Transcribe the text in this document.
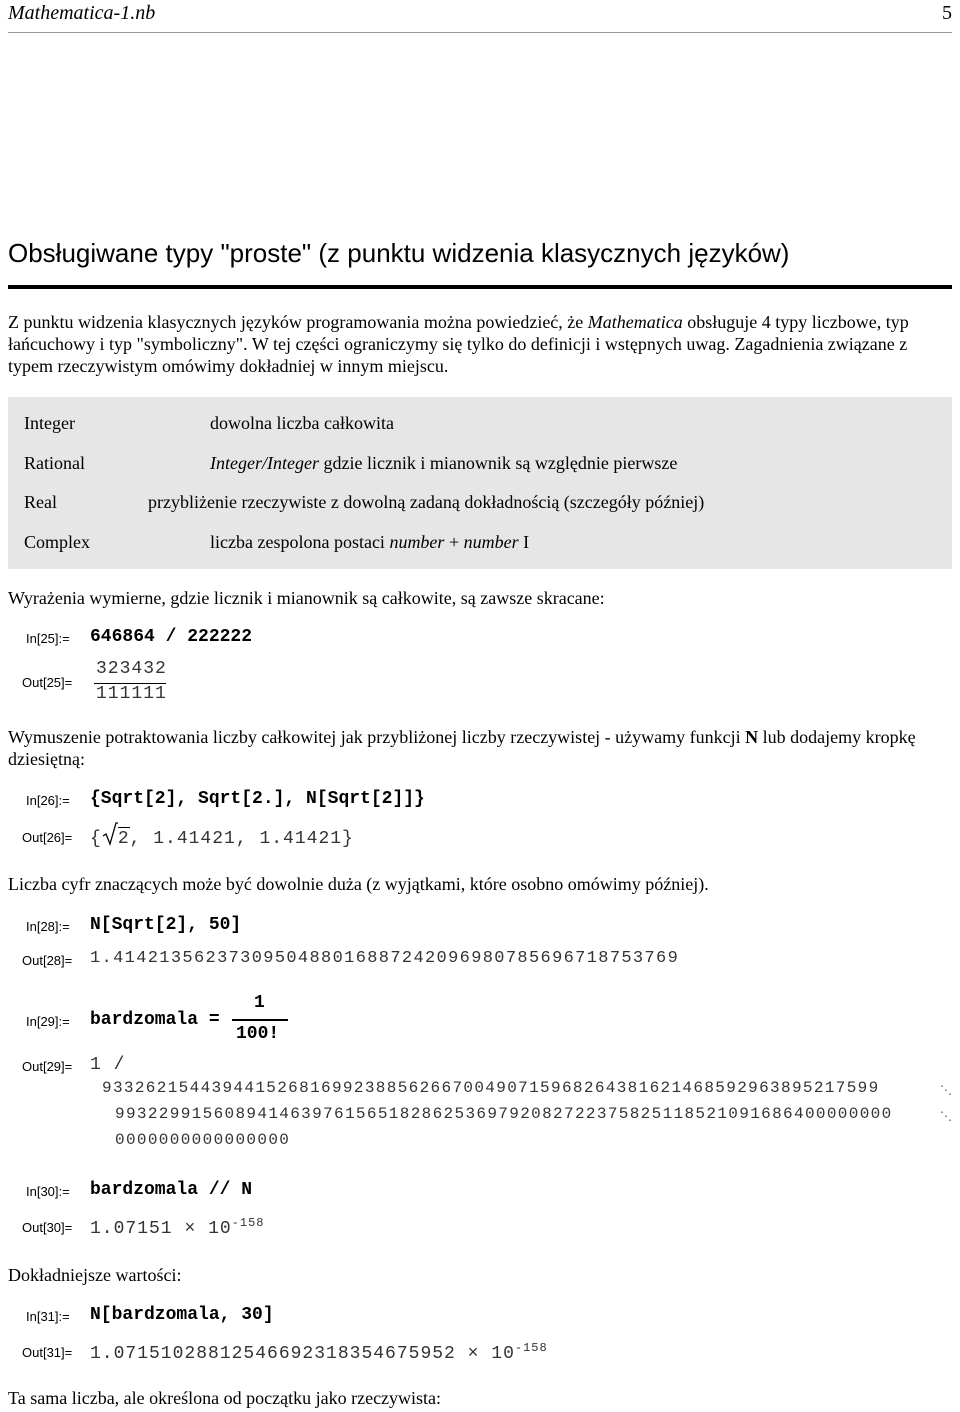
Mathematica-1.nb	5
Obsługiwane typy "proste" (z punktu widzenia klasycznych języków)
Z punktu widzenia klasycznych języków programowania można powiedzieć, że Mathematica obsługuje 4 typy liczbowe, typ łańcuchowy i typ "symboliczny". W tej części ograniczymy się tylko do definicji i wstępnych uwag. Zagadnienia związane z typem rzeczywistym omówimy dokładniej w innym miejscu.
Integer	dowolna liczba całkowita
Rational	Integer/Integer gdzie licznik i mianownik są względnie pierwsze
Real	przybliżenie rzeczywiste z dowolną zadaną dokładnością (szczegóły później)
Complex	liczba zespolona postaci number + number I
Wyrażenia wymierne, gdzie licznik i mianownik są całkowite, są zawsze skracane:
In[25]:= 646864 / 222222
Out[25]=
323432
111111
Wymuszenie potraktowania liczby całkowitej jak przybliżonej liczby rzeczywistej - używamy funkcji N lub dodajemy kropkę dziesiętną:
In[26]:= {Sqrt[2], Sqrt[2.], N[Sqrt[2]]}
Out[26]= { 2, 1.41421, 1.41421}
Liczba cyfr znaczących może być dowolnie duża (z wyjątkami, które osobno omówimy później).
In[28]:= N[Sqrt[2], 50]
Out[28]= 1.4142135623730950488016887242096980785696718753769
In[29]:= bardzomala =
1
100!
Out[29]= 1 /
93326215443944152681699238856266700490715968264381621468592963895217599	⋱
99322991560894146397615651828625369792082722375825118521091686400000000	⋱
0000000000000000
In[30]:= bardzomala // N
$Out[30]= 1.07151 \times 10^{-158}$
Dokładniejsze wartości:
In[31]:= N[bardzomala, 30]
$Out[31]= 1.07151028812546692318354675952 \times 10^{-158}$
Ta sama liczba, ale określona od początku jako rzeczywista:
